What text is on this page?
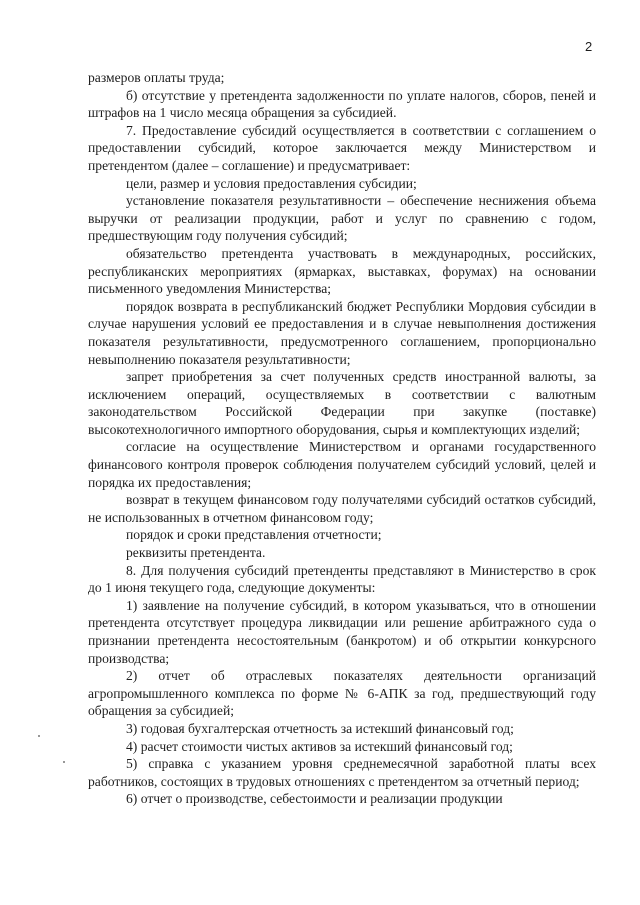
2

размеров оплаты труда;

б) отсутствие у претендента задолженности по уплате налогов, сборов, пеней и штрафов на 1 число месяца обращения за субсидией.

7. Предоставление субсидий осуществляется в соответствии с соглашением о предоставлении субсидий, которое заключается между Министерством и претендентом (далее – соглашение) и предусматривает:

цели, размер и условия предоставления субсидии;

установление показателя результативности – обеспечение неснижения объема выручки от реализации продукции, работ и услуг по сравнению с годом, предшествующим году получения субсидий;

обязательство претендента участвовать в международных, российских, республиканских мероприятиях (ярмарках, выставках, форумах) на основании письменного уведомления Министерства;

порядок возврата в республиканский бюджет Республики Мордовия субсидии в случае нарушения условий ее предоставления и в случае невыполнения достижения показателя результативности, предусмотренного соглашением, пропорционально невыполнению показателя результативности;

запрет приобретения за счет полученных средств иностранной валюты, за исключением операций, осуществляемых в соответствии с валютным законодательством Российской Федерации при закупке (поставке) высокотехнологичного импортного оборудования, сырья и комплектующих изделий;

согласие на осуществление Министерством и органами государственного финансового контроля проверок соблюдения получателем субсидий условий, целей и порядка их предоставления;

возврат в текущем финансовом году получателями субсидий остатков субсидий, не использованных в отчетном финансовом году;

порядок и сроки представления отчетности;

реквизиты претендента.

8. Для получения субсидий претенденты представляют в Министерство в срок до 1 июня текущего года, следующие документы:

1) заявление на получение субсидий, в котором указываться, что в отношении претендента отсутствует процедура ликвидации или решение арбитражного суда о признании претендента несостоятельным (банкротом) и об открытии конкурсного производства;

2) отчет об отраслевых показателях деятельности организаций агропромышленного комплекса по форме № 6-АПК за год, предшествующий году обращения за субсидией;

3) годовая бухгалтерская отчетность за истекший финансовый год;

4) расчет стоимости чистых активов за истекший финансовый год;

5) справка с указанием уровня среднемесячной заработной платы всех работников, состоящих в трудовых отношениях с претендентом за отчетный период;

6) отчет о производстве, себестоимости и реализации продукции
